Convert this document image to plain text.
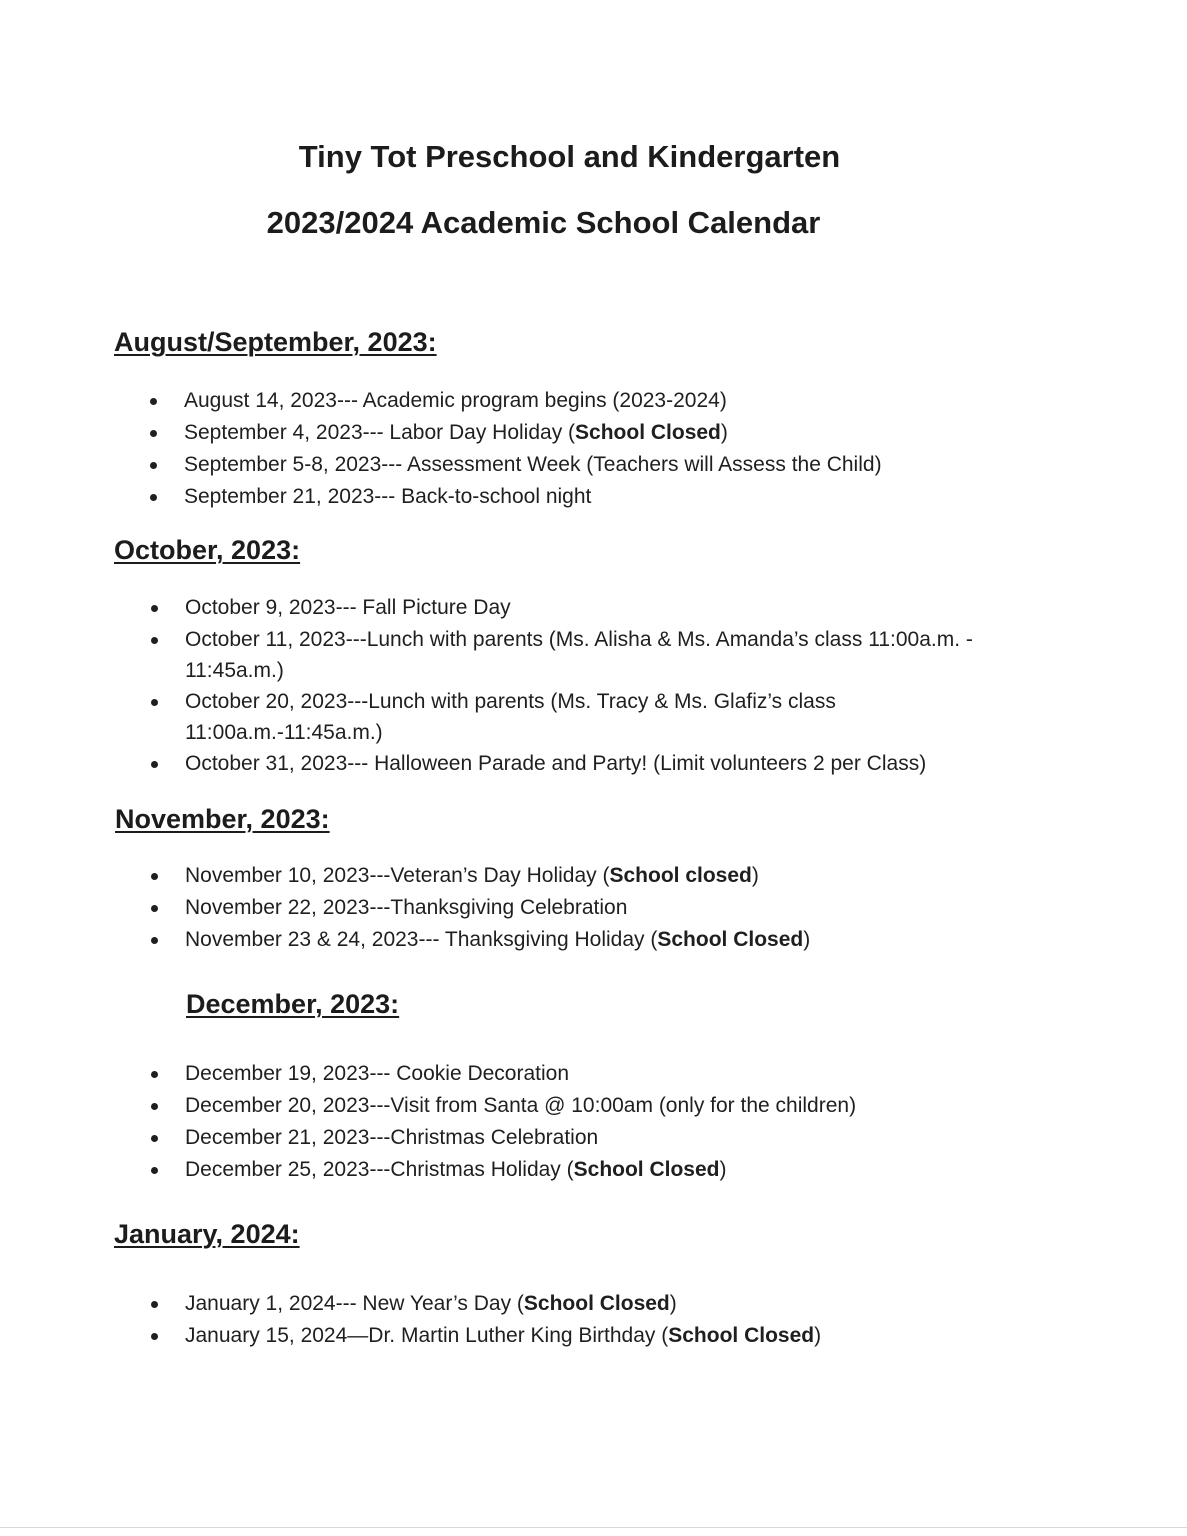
Tiny Tot Preschool and Kindergarten
2023/2024 Academic School Calendar
August/September, 2023:
August 14, 2023--- Academic program begins (2023-2024)
September 4, 2023--- Labor Day Holiday (School Closed)
September 5-8, 2023--- Assessment Week (Teachers will Assess the Child)
September 21, 2023--- Back-to-school night
October, 2023:
October 9, 2023--- Fall Picture Day
October 11, 2023---Lunch with parents (Ms. Alisha & Ms. Amanda’s class 11:00a.m. - 11:45a.m.)
October 20, 2023---Lunch with parents (Ms. Tracy & Ms. Glafiz’s class 11:00a.m.-11:45a.m.)
October 31, 2023--- Halloween Parade and Party! (Limit volunteers 2 per Class)
November, 2023:
November 10, 2023---Veteran’s Day Holiday (School closed)
November 22, 2023---Thanksgiving Celebration
November 23 & 24, 2023--- Thanksgiving Holiday (School Closed)
December, 2023:
December 19, 2023--- Cookie Decoration
December 20, 2023---Visit from Santa @ 10:00am (only for the children)
December 21, 2023---Christmas Celebration
December 25, 2023---Christmas Holiday (School Closed)
January, 2024:
January 1, 2024--- New Year’s Day (School Closed)
January 15, 2024—Dr. Martin Luther King Birthday (School Closed)
